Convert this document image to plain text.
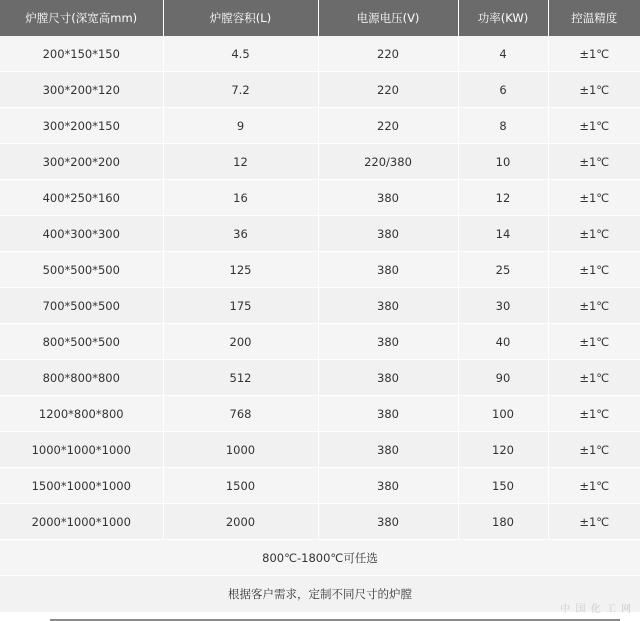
炉膛尺寸(深宽高mm)	炉膛容积(L)	电源电压(V)	功率(KW)	控温精度
200*150*150	4.5	220	4	±1℃
300*200*120	7.2	220	6	±1℃
300*200*150	9	220	8	±1℃
300*200*200	12	220/380	10	±1℃
400*250*160	16	380	12	±1℃
400*300*300	36	380	14	±1℃
500*500*500	125	380	25	±1℃
700*500*500	175	380	30	±1℃
800*500*500	200	380	40	±1℃
800*800*800	512	380	90	±1℃
1200*800*800	768	380	100	±1℃
1000*1000*1000	1000	380	120	±1℃
1500*1000*1000	1500	380	150	±1℃
2000*1000*1000	2000	380	180	±1℃
800℃-1800℃可任选				
根据客户需求，定制不同尺寸的炉膛				
中 国 化 工 网
